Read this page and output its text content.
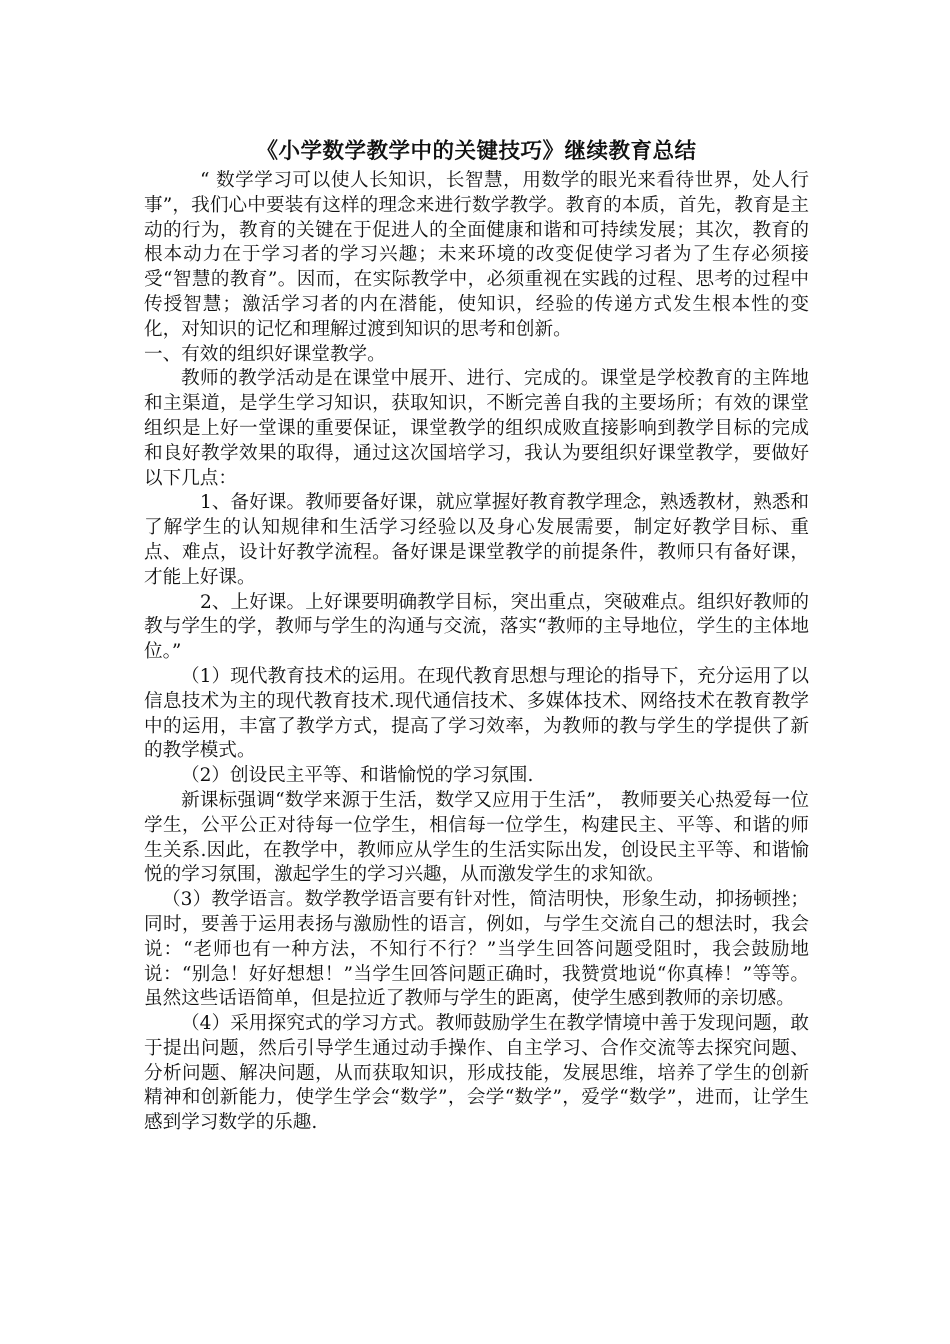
《小学数学教学中的关键技巧》继续教育总结

“ 数学学习可以使人长知识，长智慧，用数学的眼光来看待世界，处人行事”，我们心中要装有这样的理念来进行数学教学。教育的本质，首先，教育是主动的行为，教育的关键在于促进人的全面健康和谐和可持续发展；其次，教育的根本动力在于学习者的学习兴趣；未来环境的改变促使学习者为了生存必须接受“智慧的教育”。因而，在实际教学中，必须重视在实践的过程、思考的过程中传授智慧；激活学习者的内在潜能，使知识，经验的传递方式发生根本性的变化，对知识的记忆和理解过渡到知识的思考和创新。

一、有效的组织好课堂教学。

教师的教学活动是在课堂中展开、进行、完成的。课堂是学校教育的主阵地和主渠道，是学生学习知识，获取知识，不断完善自我的主要场所；有效的课堂组织是上好一堂课的重要保证，课堂教学的组织成败直接影响到教学目标的完成和良好教学效果的取得，通过这次国培学习，我认为要组织好课堂教学，要做好以下几点：

1、备好课。教师要备好课，就应掌握好教育教学理念，熟透教材，熟悉和了解学生的认知规律和生活学习经验以及身心发展需要，制定好教学目标、重点、难点，设计好教学流程。备好课是课堂教学的前提条件，教师只有备好课，才能上好课。

2、上好课。上好课要明确教学目标，突出重点，突破难点。组织好教师的教与学生的学，教师与学生的沟通与交流，落实“教师的主导地位，学生的主体地位。”

（1）现代教育技术的运用。在现代教育思想与理论的指导下，充分运用了以信息技术为主的现代教育技术.现代通信技术、多媒体技术、网络技术在教育教学中的运用，丰富了教学方式，提高了学习效率，为教师的教与学生的学提供了新的教学模式。

（2）创设民主平等、和谐愉悦的学习氛围.

新课标强调“数学来源于生活，数学又应用于生活”， 教师要关心热爱每一位学生，公平公正对待每一位学生，相信每一位学生，构建民主、平等、和谐的师生关系.因此，在教学中，教师应从学生的生活实际出发，创设民主平等、和谐愉悦的学习氛围，激起学生的学习兴趣，从而激发学生的求知欲。

（3）教学语言。数学教学语言要有针对性，简洁明快，形象生动，抑扬顿挫；同时，要善于运用表扬与激励性的语言，例如，与学生交流自己的想法时，我会说：“老师也有一种方法，不知行不行？”当学生回答问题受阻时，我会鼓励地说：“别急！好好想想！”当学生回答问题正确时，我赞赏地说“你真棒！”等等。虽然这些话语简单，但是拉近了教师与学生的距离，使学生感到教师的亲切感。

（4）采用探究式的学习方式。教师鼓励学生在教学情境中善于发现问题，敢于提出问题，然后引导学生通过动手操作、自主学习、合作交流等去探究问题、分析问题、解决问题，从而获取知识，形成技能，发展思维，培养了学生的创新精神和创新能力，使学生学会“数学”，会学“数学”，爱学“数学”，进而，让学生感到学习数学的乐趣.
